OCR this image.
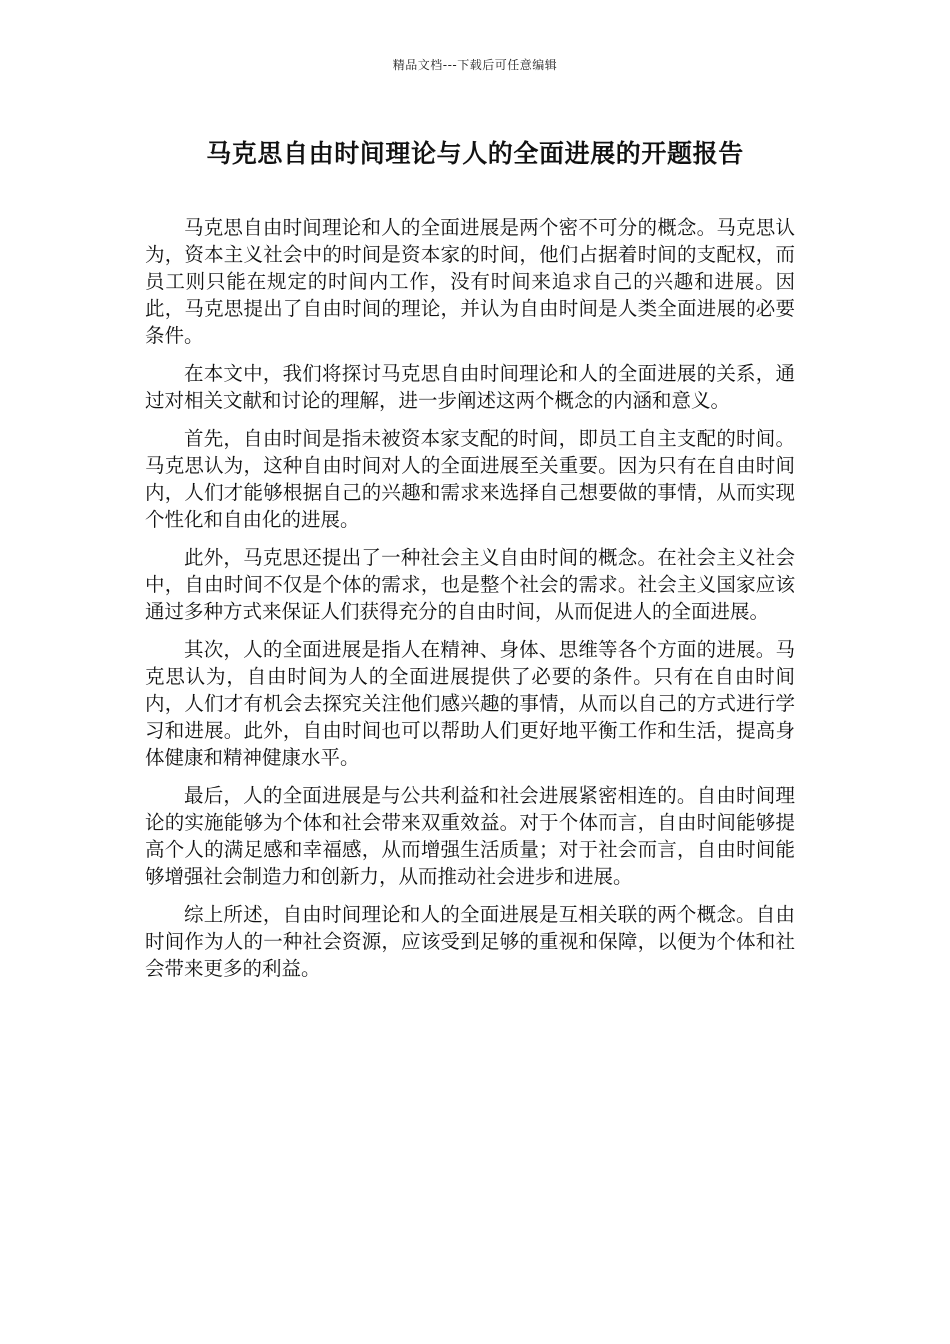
精品文档---下载后可任意编辑
马克思自由时间理论与人的全面进展的开题报告

马克思自由时间理论和人的全面进展是两个密不可分的概念。马克思认为，资本主义社会中的时间是资本家的时间，他们占据着时间的支配权，而员工则只能在规定的时间内工作，没有时间来追求自己的兴趣和进展。因此，马克思提出了自由时间的理论，并认为自由时间是人类全面进展的必要条件。

在本文中，我们将探讨马克思自由时间理论和人的全面进展的关系，通过对相关文献和讨论的理解，进一步阐述这两个概念的内涵和意义。

首先，自由时间是指未被资本家支配的时间，即员工自主支配的时间。马克思认为，这种自由时间对人的全面进展至关重要。因为只有在自由时间内，人们才能够根据自己的兴趣和需求来选择自己想要做的事情，从而实现个性化和自由化的进展。

此外，马克思还提出了一种社会主义自由时间的概念。在社会主义社会中，自由时间不仅是个体的需求，也是整个社会的需求。社会主义国家应该通过多种方式来保证人们获得充分的自由时间，从而促进人的全面进展。

其次，人的全面进展是指人在精神、身体、思维等各个方面的进展。马克思认为，自由时间为人的全面进展提供了必要的条件。只有在自由时间内，人们才有机会去探究关注他们感兴趣的事情，从而以自己的方式进行学习和进展。此外，自由时间也可以帮助人们更好地平衡工作和生活，提高身体健康和精神健康水平。

最后，人的全面进展是与公共利益和社会进展紧密相连的。自由时间理论的实施能够为个体和社会带来双重效益。对于个体而言，自由时间能够提高个人的满足感和幸福感，从而增强生活质量；对于社会而言，自由时间能够增强社会制造力和创新力，从而推动社会进步和进展。

综上所述，自由时间理论和人的全面进展是互相关联的两个概念。自由时间作为人的一种社会资源，应该受到足够的重视和保障，以便为个体和社会带来更多的利益。
